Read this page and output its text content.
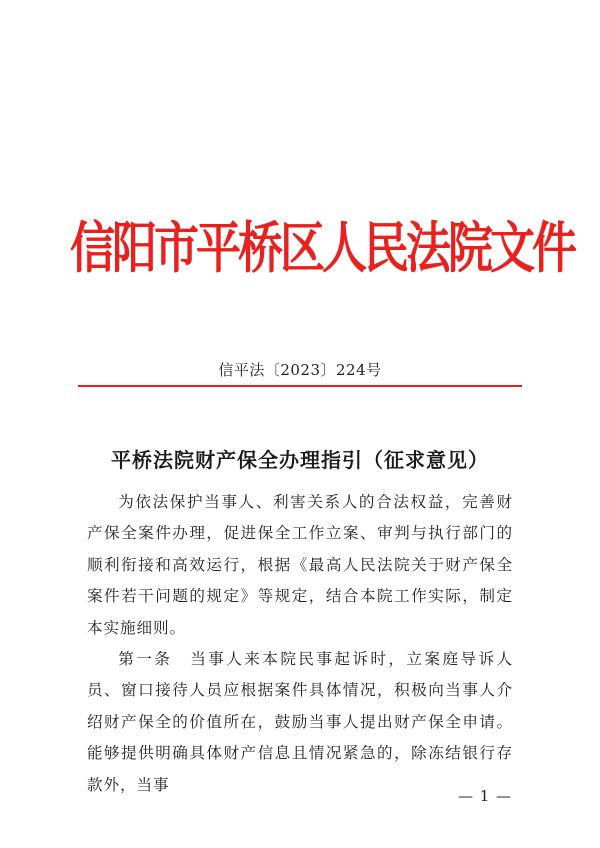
信阳市平桥区人民法院文件
信平法〔2023〕224号
平桥法院财产保全办理指引（征求意见）

为依法保护当事人、利害关系人的合法权益，完善财产保全案件办理，促进保全工作立案、审判与执行部门的顺利衔接和高效运行，根据《最高人民法院关于财产保全案件若干问题的规定》等规定，结合本院工作实际，制定本实施细则。

第一条　当事人来本院民事起诉时，立案庭导诉人员、窗口接待人员应根据案件具体情况，积极向当事人介绍财产保全的价值所在，鼓励当事人提出财产保全申请。能够提供明确具体财产信息且情况紧急的，除冻结银行存款外，当事

— 1 —
